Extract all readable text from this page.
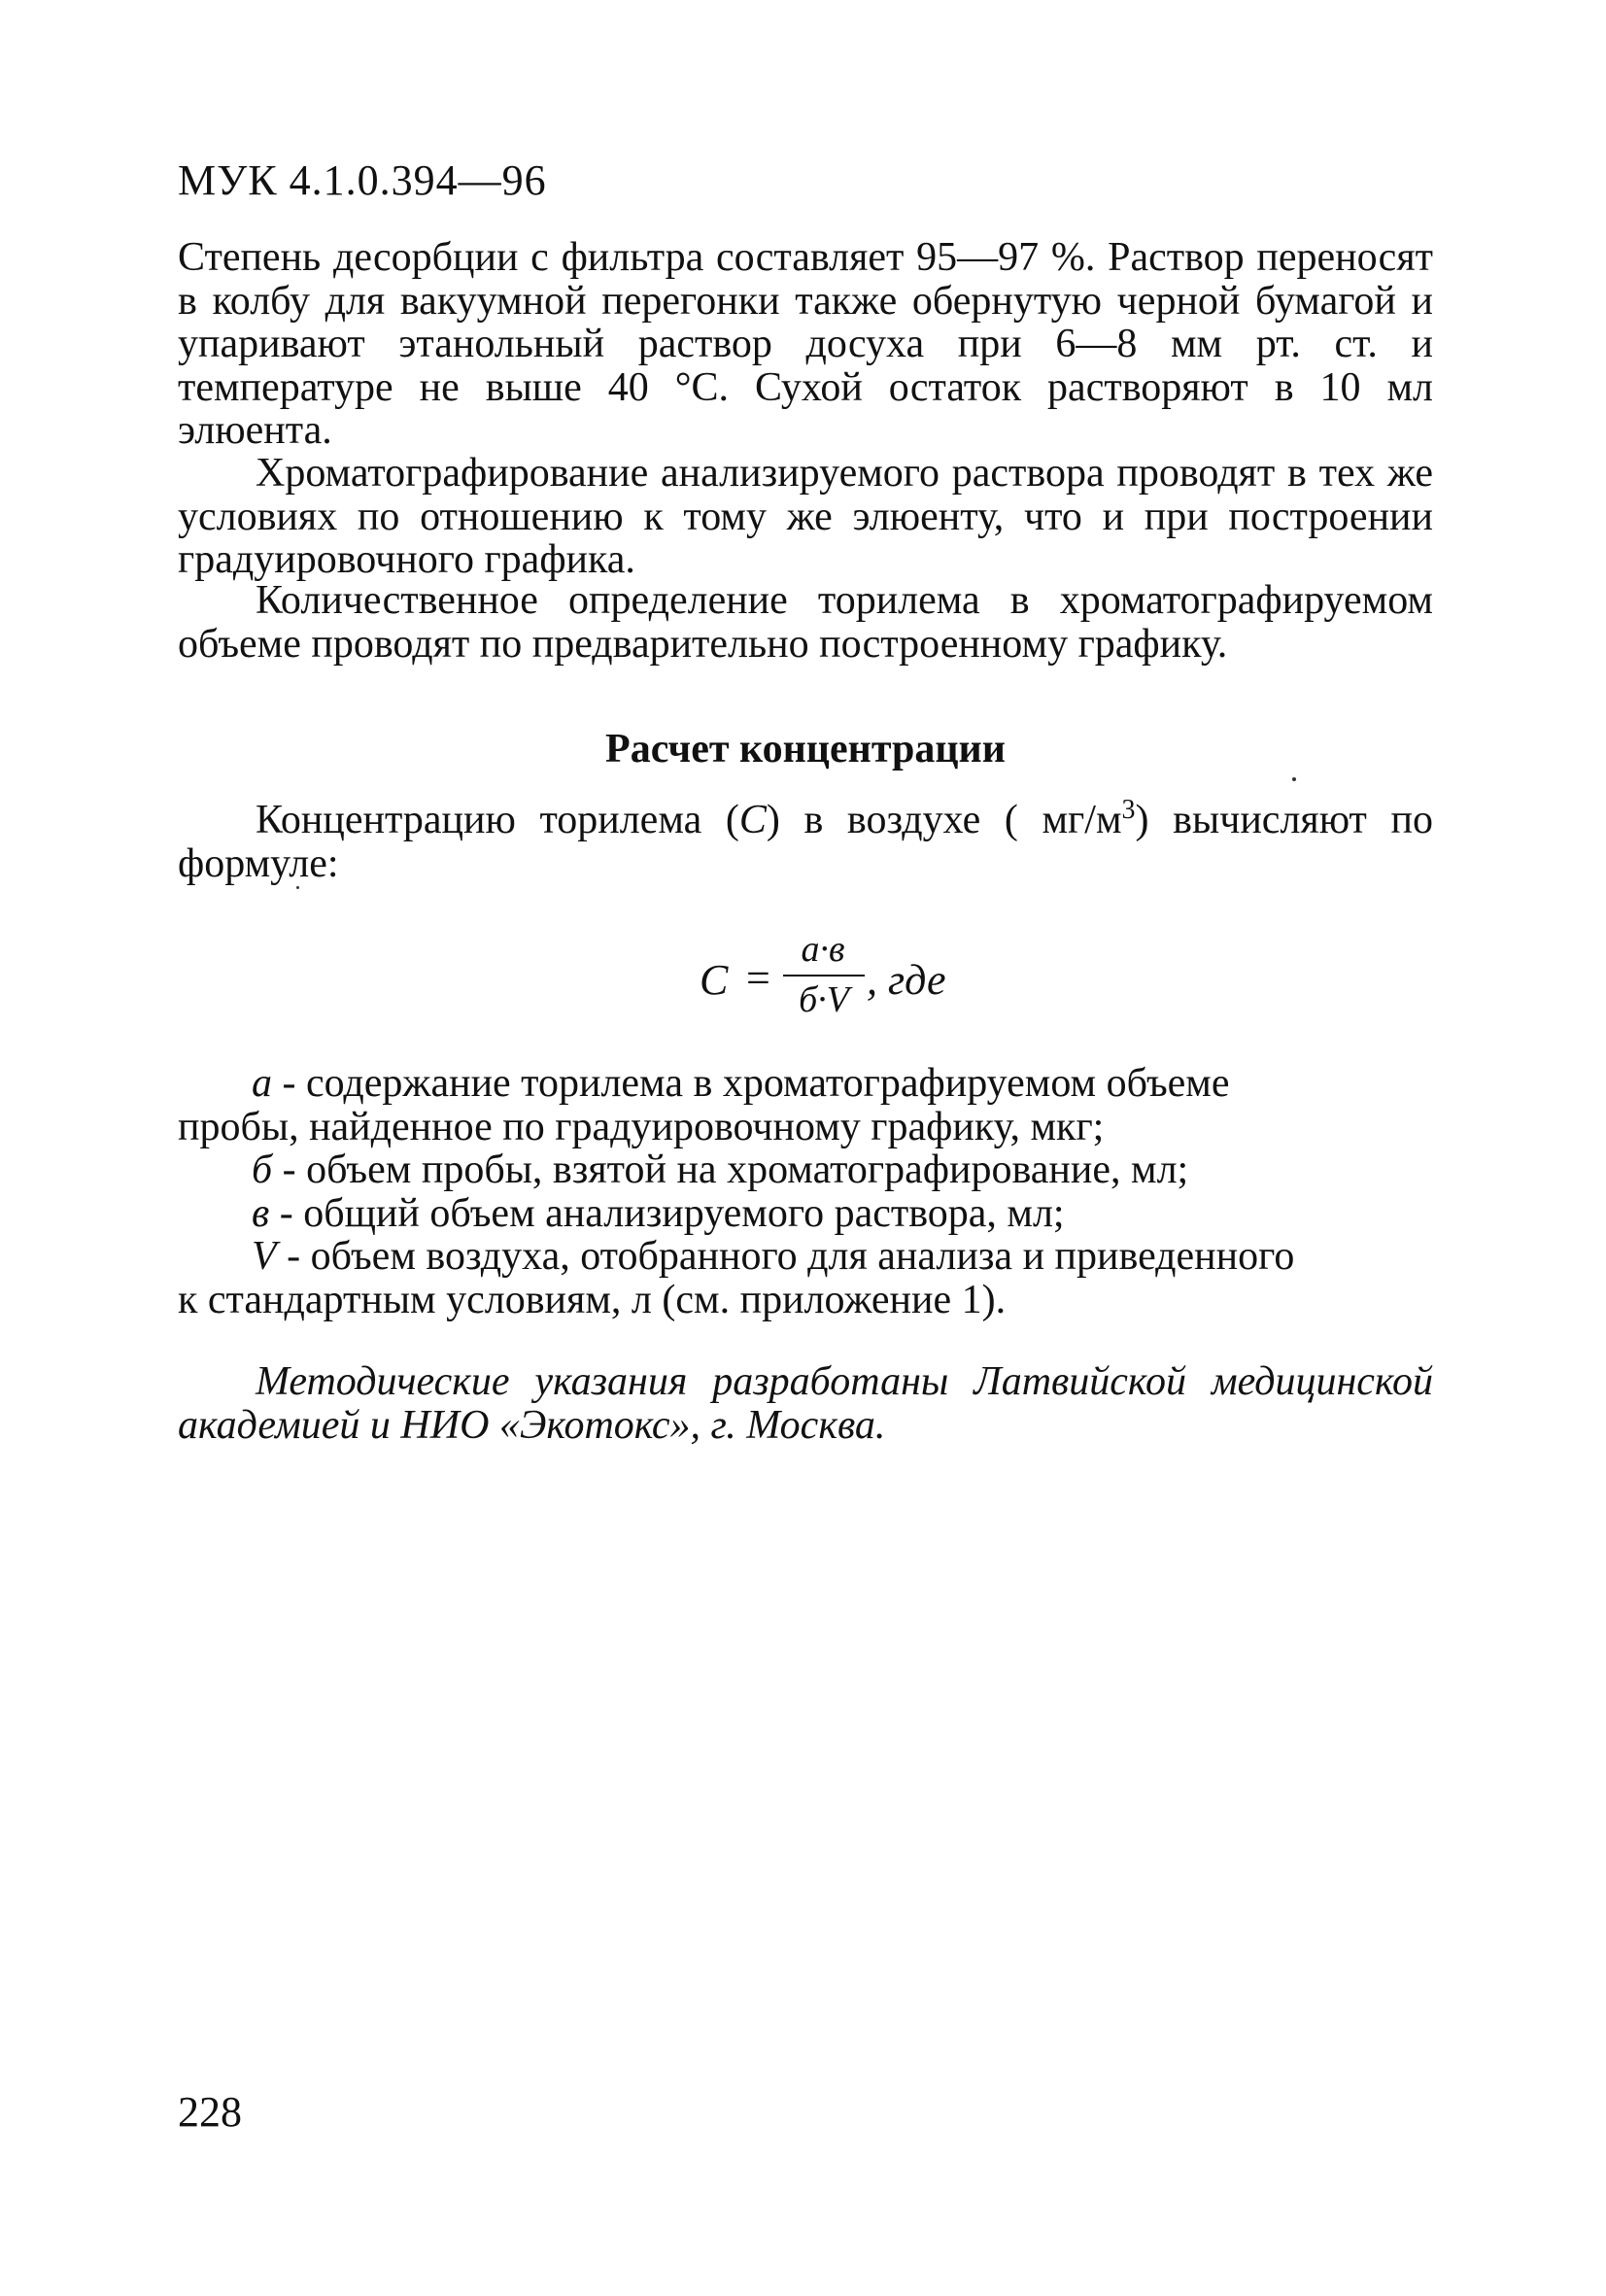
МУК 4.1.0.394—96

Степень десорбции с фильтра составляет 95—97 %. Раствор переносят в колбу для вакуумной перегонки также обернутую черной бумагой и упаривают этанольный раствор досуха при 6—8 мм рт. ст. и температуре не выше 40 °С. Сухой остаток растворяют в 10 мл элюента.

Хроматографирование анализируемого раствора проводят в тех же условиях по отношению к тому же элюенту, что и при построении градуировочного графика.

Количественное определение торилема в хроматографируемом объеме проводят по предварительно построенному графику.

Расчет концентрации

Концентрацию торилема (С) в воздухе ( $мг/м^3$) вычисляют по формуле:

C =
а·в
б·V , где

а - содержание торилема в хроматографируемом объеме

пробы, найденное по градуировочному графику, мкг;

б - объем пробы, взятой на хроматографирование, мл;

в - общий объем анализируемого раствора, мл;

V - объем воздуха, отобранного для анализа и приведенного

к стандартным условиям, л (см. приложение 1).

Методические указания разработаны Латвийской медицинской академией и НИО «Экотокс», г. Москва.

228
